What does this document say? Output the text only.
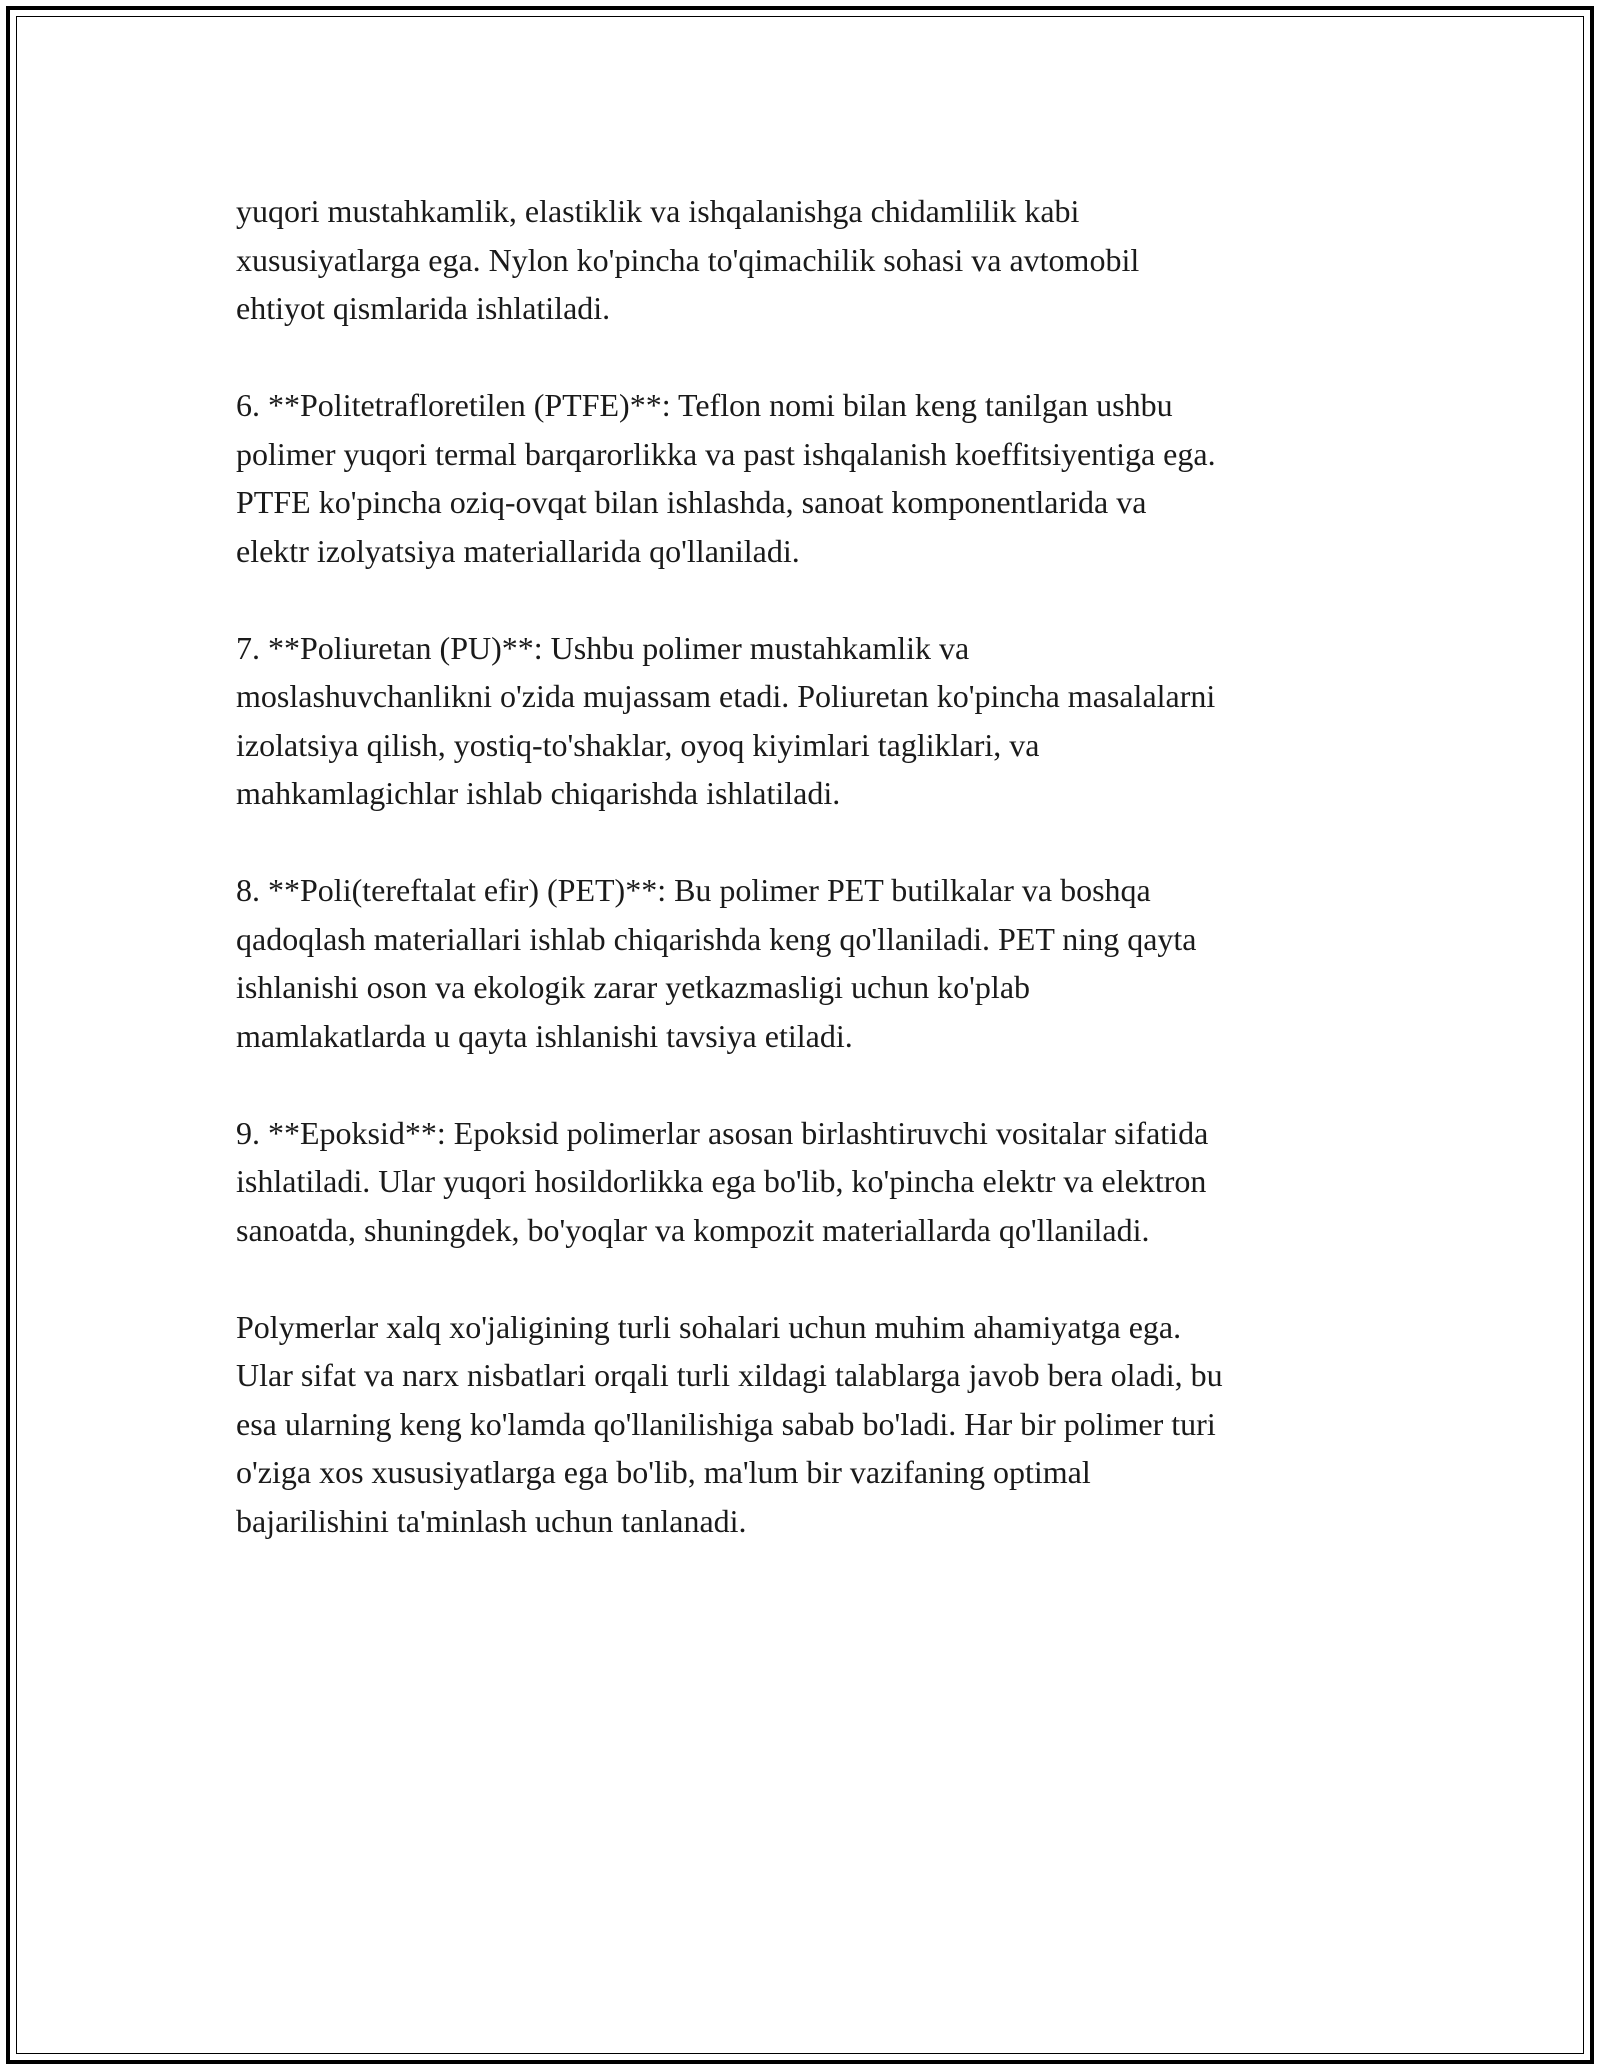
yuqori mustahkamlik, elastiklik va ishqalanishga chidamlilik kabi
xususiyatlarga ega. Nylon ko'pincha to'qimachilik sohasi va avtomobil
ehtiyot qismlarida ishlatiladi.

6. **Politetrafloretilen (PTFE)**: Teflon nomi bilan keng tanilgan ushbu
polimer yuqori termal barqarorlikka va past ishqalanish koeffitsiyentiga ega.
PTFE ko'pincha oziq-ovqat bilan ishlashda, sanoat komponentlarida va
elektr izolyatsiya materiallarida qo'llaniladi.

7. **Poliuretan (PU)**: Ushbu polimer mustahkamlik va
moslashuvchanlikni o'zida mujassam etadi. Poliuretan ko'pincha masalalarni
izolatsiya qilish, yostiq-to'shaklar, oyoq kiyimlari tagliklari, va
mahkamlagichlar ishlab chiqarishda ishlatiladi.

8. **Poli(tereftalat efir) (PET)**: Bu polimer PET butilkalar va boshqa
qadoqlash materiallari ishlab chiqarishda keng qo'llaniladi. PET ning qayta
ishlanishi oson va ekologik zarar yetkazmasligi uchun ko'plab
mamlakatlarda u qayta ishlanishi tavsiya etiladi.

9. **Epoksid**: Epoksid polimerlar asosan birlashtiruvchi vositalar sifatida
ishlatiladi. Ular yuqori hosildorlikka ega bo'lib, ko'pincha elektr va elektron
sanoatda, shuningdek, bo'yoqlar va kompozit materiallarda qo'llaniladi.

Polymerlar xalq xo'jaligining turli sohalari uchun muhim ahamiyatga ega.
Ular sifat va narx nisbatlari orqali turli xildagi talablarga javob bera oladi, bu
esa ularning keng ko'lamda qo'llanilishiga sabab bo'ladi. Har bir polimer turi
o'ziga xos xususiyatlarga ega bo'lib, ma'lum bir vazifaning optimal
bajarilishini ta'minlash uchun tanlanadi.
